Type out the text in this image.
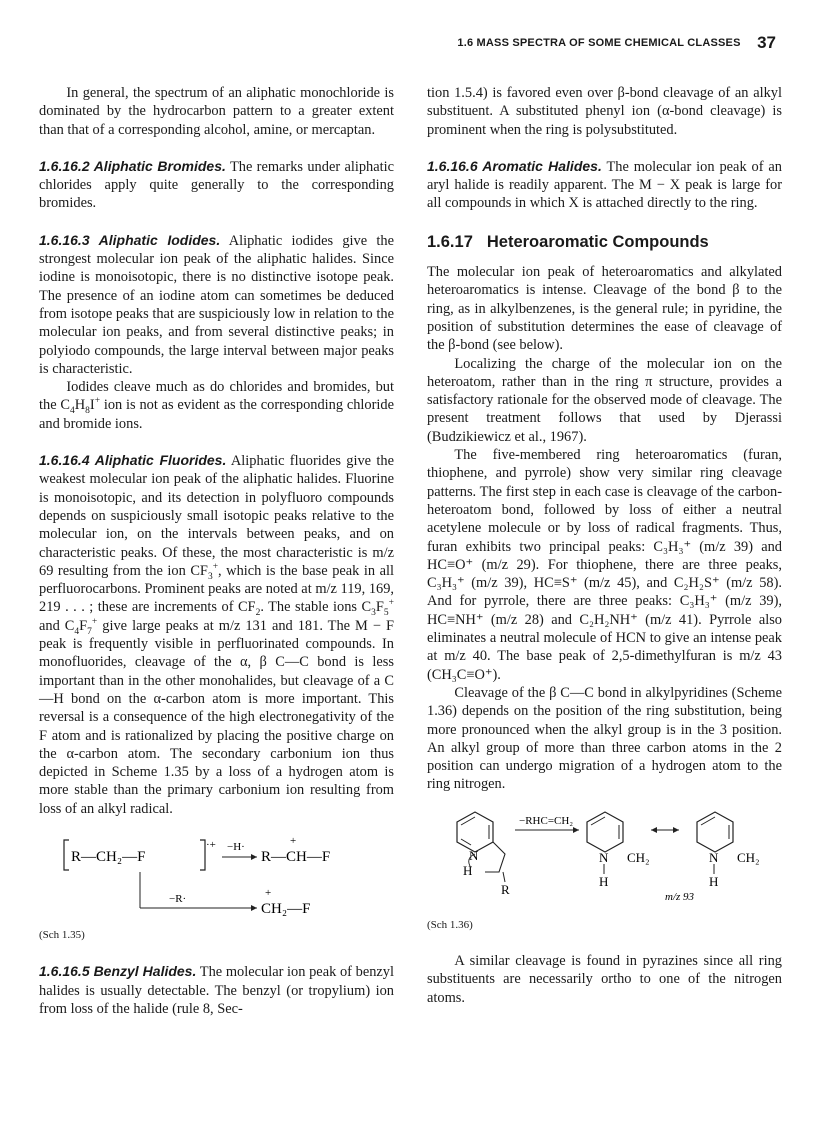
1.6 MASS SPECTRA OF SOME CHEMICAL CLASSES 37

In general, the spectrum of an aliphatic monochloride is dominated by the hydrocarbon pattern to a greater extent than that of a corresponding alcohol, amine, or mercaptan.

1.6.16.2 Aliphatic Bromides. The remarks under aliphatic chlorides apply quite generally to the corresponding bromides.

1.6.16.3 Aliphatic Iodides. Aliphatic iodides give the strongest molecular ion peak of the aliphatic halides. Since iodine is monoisotopic, there is no distinctive isotope peak. The presence of an iodine atom can sometimes be deduced from isotope peaks that are suspiciously low in relation to the molecular ion peaks, and from several distinctive peaks; in polyiodo compounds, the large interval between major peaks is characteristic.

Iodides cleave much as do chlorides and bromides, but the $C_4H_8I^+$ ion is not as evident as the corresponding chloride and bromide ions.

1.6.16.4 Aliphatic Fluorides. Aliphatic fluorides give the weakest molecular ion peak of the aliphatic halides. Fluorine is monoisotopic, and its detection in polyfluoro compounds depends on suspiciously small isotopic peaks relative to the molecular ion, on the intervals between peaks, and on characteristic peaks. Of these, the most characteristic is m/z 69 resulting from the ion $CF_3^+$, which is the base peak in all perfluorocarbons. Prominent peaks are noted at m/z 119, 169, 219 . . . ; these are increments of $CF_2$. The stable ions $C_3F_5^+$ and $C_4F_7^+$ give large peaks at m/z 131 and 181. The M − F peak is frequently visible in perfluorinated compounds. In monofluorides, cleavage of the α, β C—C bond is less important than in the other monohalides, but cleavage of a C—H bond on the α-carbon atom is more important. This reversal is a consequence of the high electronegativity of the F atom and is rationalized by placing the positive charge on the α-carbon atom. The secondary carbonium ion thus depicted in Scheme 1.35 by a loss of a hydrogen atom is more stable than the primary carbonium ion resulting from loss of an alkyl radical.

R—CH₂—F
·+ −H·	+
R—CH—F
−R·	+
CH₂—F
(Sch 1.35)

1.6.16.5 Benzyl Halides. The molecular ion peak of benzyl halides is usually detectable. The benzyl (or tropylium) ion from loss of the halide (rule 8, Sec-

tion 1.5.4) is favored even over β-bond cleavage of an alkyl substituent. A substituted phenyl ion (α-bond cleavage) is prominent when the ring is polysubstituted.

1.6.16.6 Aromatic Halides. The molecular ion peak of an aryl halide is readily apparent. The M − X peak is large for all compounds in which X is attached directly to the ring.

1.6.17 Heteroaromatic Compounds

The molecular ion peak of heteroaromatics and alkylated heteroaromatics is intense. Cleavage of the bond β to the ring, as in alkylbenzenes, is the general rule; in pyridine, the position of substitution determines the ease of cleavage of the β-bond (see below).

Localizing the charge of the molecular ion on the heteroatom, rather than in the ring π structure, provides a satisfactory rationale for the observed mode of cleavage. The present treatment follows that used by Djerassi (Budzikiewicz et al., 1967).

The five-membered ring heteroaromatics (furan, thiophene, and pyrrole) show very similar ring cleavage patterns. The first step in each case is cleavage of the carbon-heteroatom bond, followed by loss of either a neutral acetylene molecule or by loss of radical fragments. Thus, furan exhibits two principal peaks: C₃H₃⁺ (m/z 39) and HC≡O⁺ (m/z 29). For thiophene, there are three peaks, C₃H₃⁺ (m/z 39), HC≡S⁺ (m/z 45), and C₂H₂S⁺ (m/z 58). And for pyrrole, there are three peaks: C₃H₃⁺ (m/z 39), HC≡NH⁺ (m/z 28) and C₂H₂NH⁺ (m/z 41). Pyrrole also eliminates a neutral molecule of HCN to give an intense peak at m/z 40. The base peak of 2,5-dimethylfuran is m/z 43 (CH₃C≡O⁺).

Cleavage of the β C—C bond in alkylpyridines (Scheme 1.36) depends on the position of the ring substitution, being more pronounced when the alkyl group is in the 3 position. An alkyl group of more than three carbon atoms in the 2 position can undergo migration of a hydrogen atom to the ring nitrogen.

N
H
R
−RHC=CH₂
N
H
CH₂	N
H
CH₂
m/z 93
(Sch 1.36)

A similar cleavage is found in pyrazines since all ring substituents are necessarily ortho to one of the nitrogen atoms.
